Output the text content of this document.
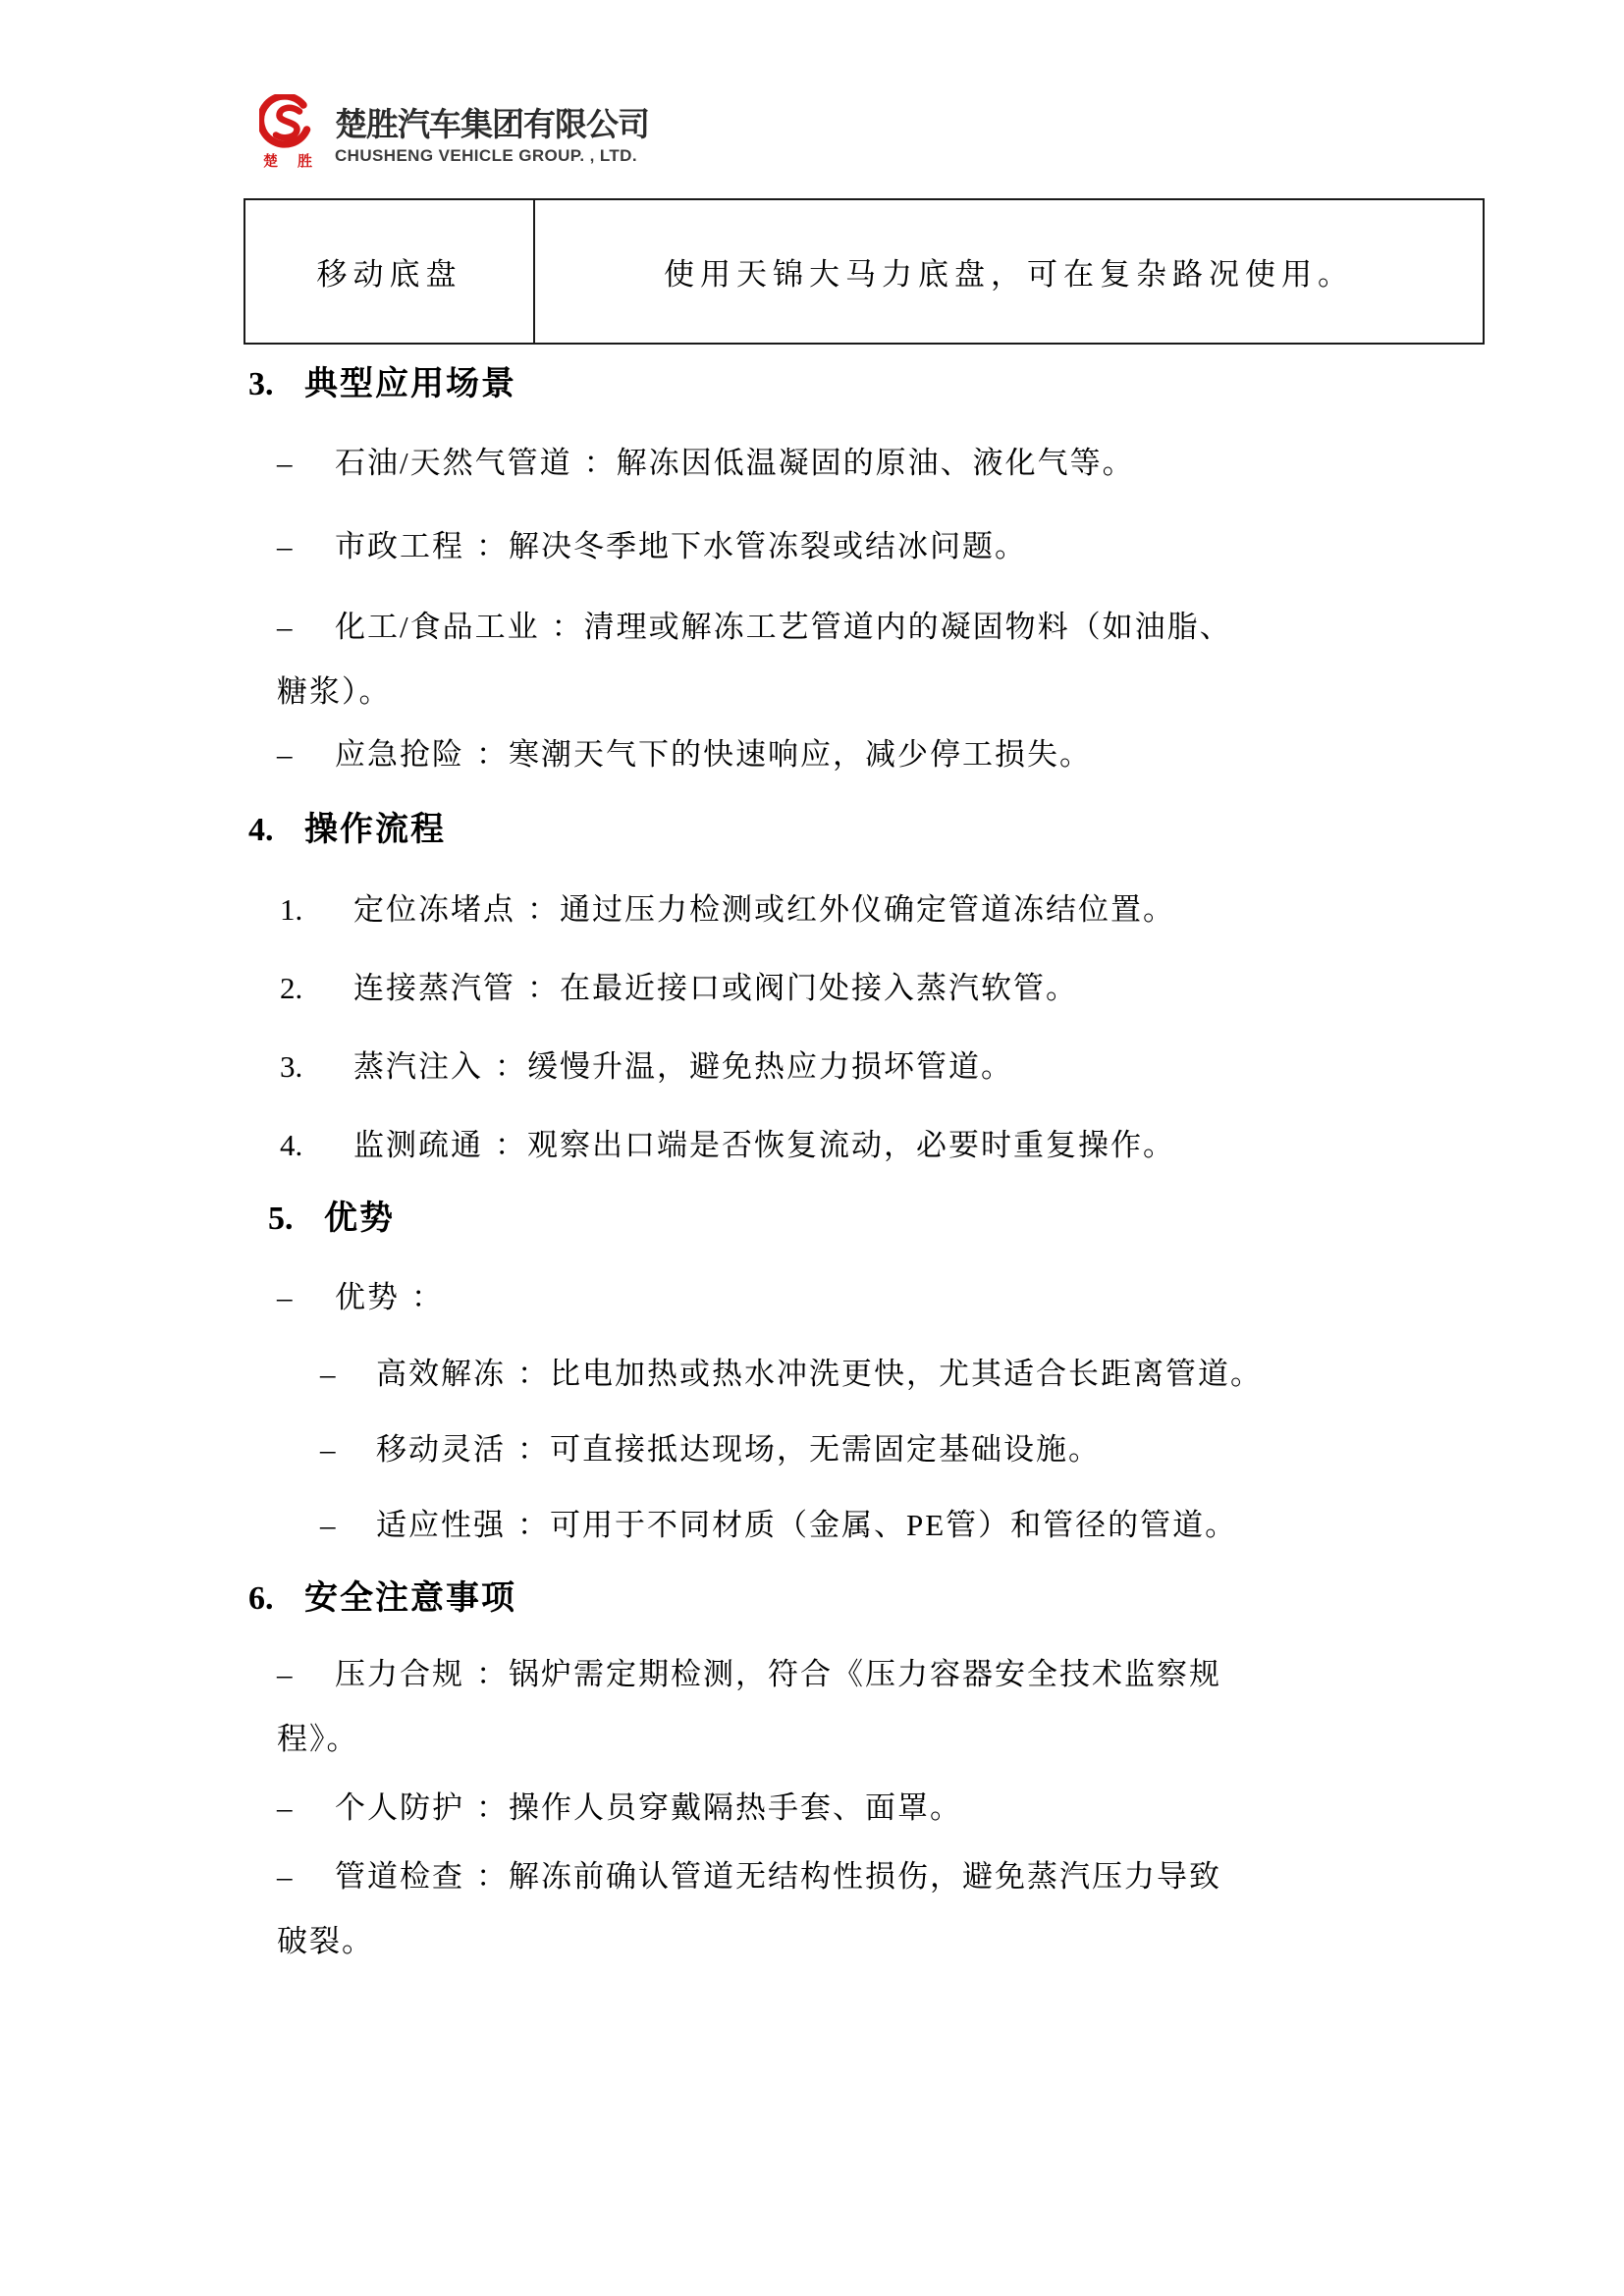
楚 胜
楚胜汽车集团有限公司
CHUSHENG VEHICLE GROUP. , LTD.
移动底盘	使用天锦大马力底盘，可在复杂路况使用。
3. 典型应用场景
– 石油/天然气管道 ：解冻因低温凝固的原油、液化气等。
– 市政工程 ：解决冬季地下水管冻裂或结冰问题。
– 化工/食品工业 ：清理或解冻工艺管道内的凝固物料（如油脂、
糖浆）。
– 应急抢险 ：寒潮天气下的快速响应，减少停工损失。
4. 操作流程
1. 定位冻堵点 ：通过压力检测或红外仪确定管道冻结位置。
2. 连接蒸汽管 ：在最近接口或阀门处接入蒸汽软管。
3. 蒸汽注入 ：缓慢升温，避免热应力损坏管道。
4. 监测疏通 ：观察出口端是否恢复流动，必要时重复操作。
5. 优势
– 优势 ：
– 高效解冻 ：比电加热或热水冲洗更快，尤其适合长距离管道。
– 移动灵活 ：可直接抵达现场，无需固定基础设施。
– 适应性强 ：可用于不同材质（金属、PE管）和管径的管道。
6. 安全注意事项
– 压力合规 ：锅炉需定期检测，符合《压力容器安全技术监察规
程》。
– 个人防护 ：操作人员穿戴隔热手套、面罩。
– 管道检查 ：解冻前确认管道无结构性损伤，避免蒸汽压力导致
破裂。
